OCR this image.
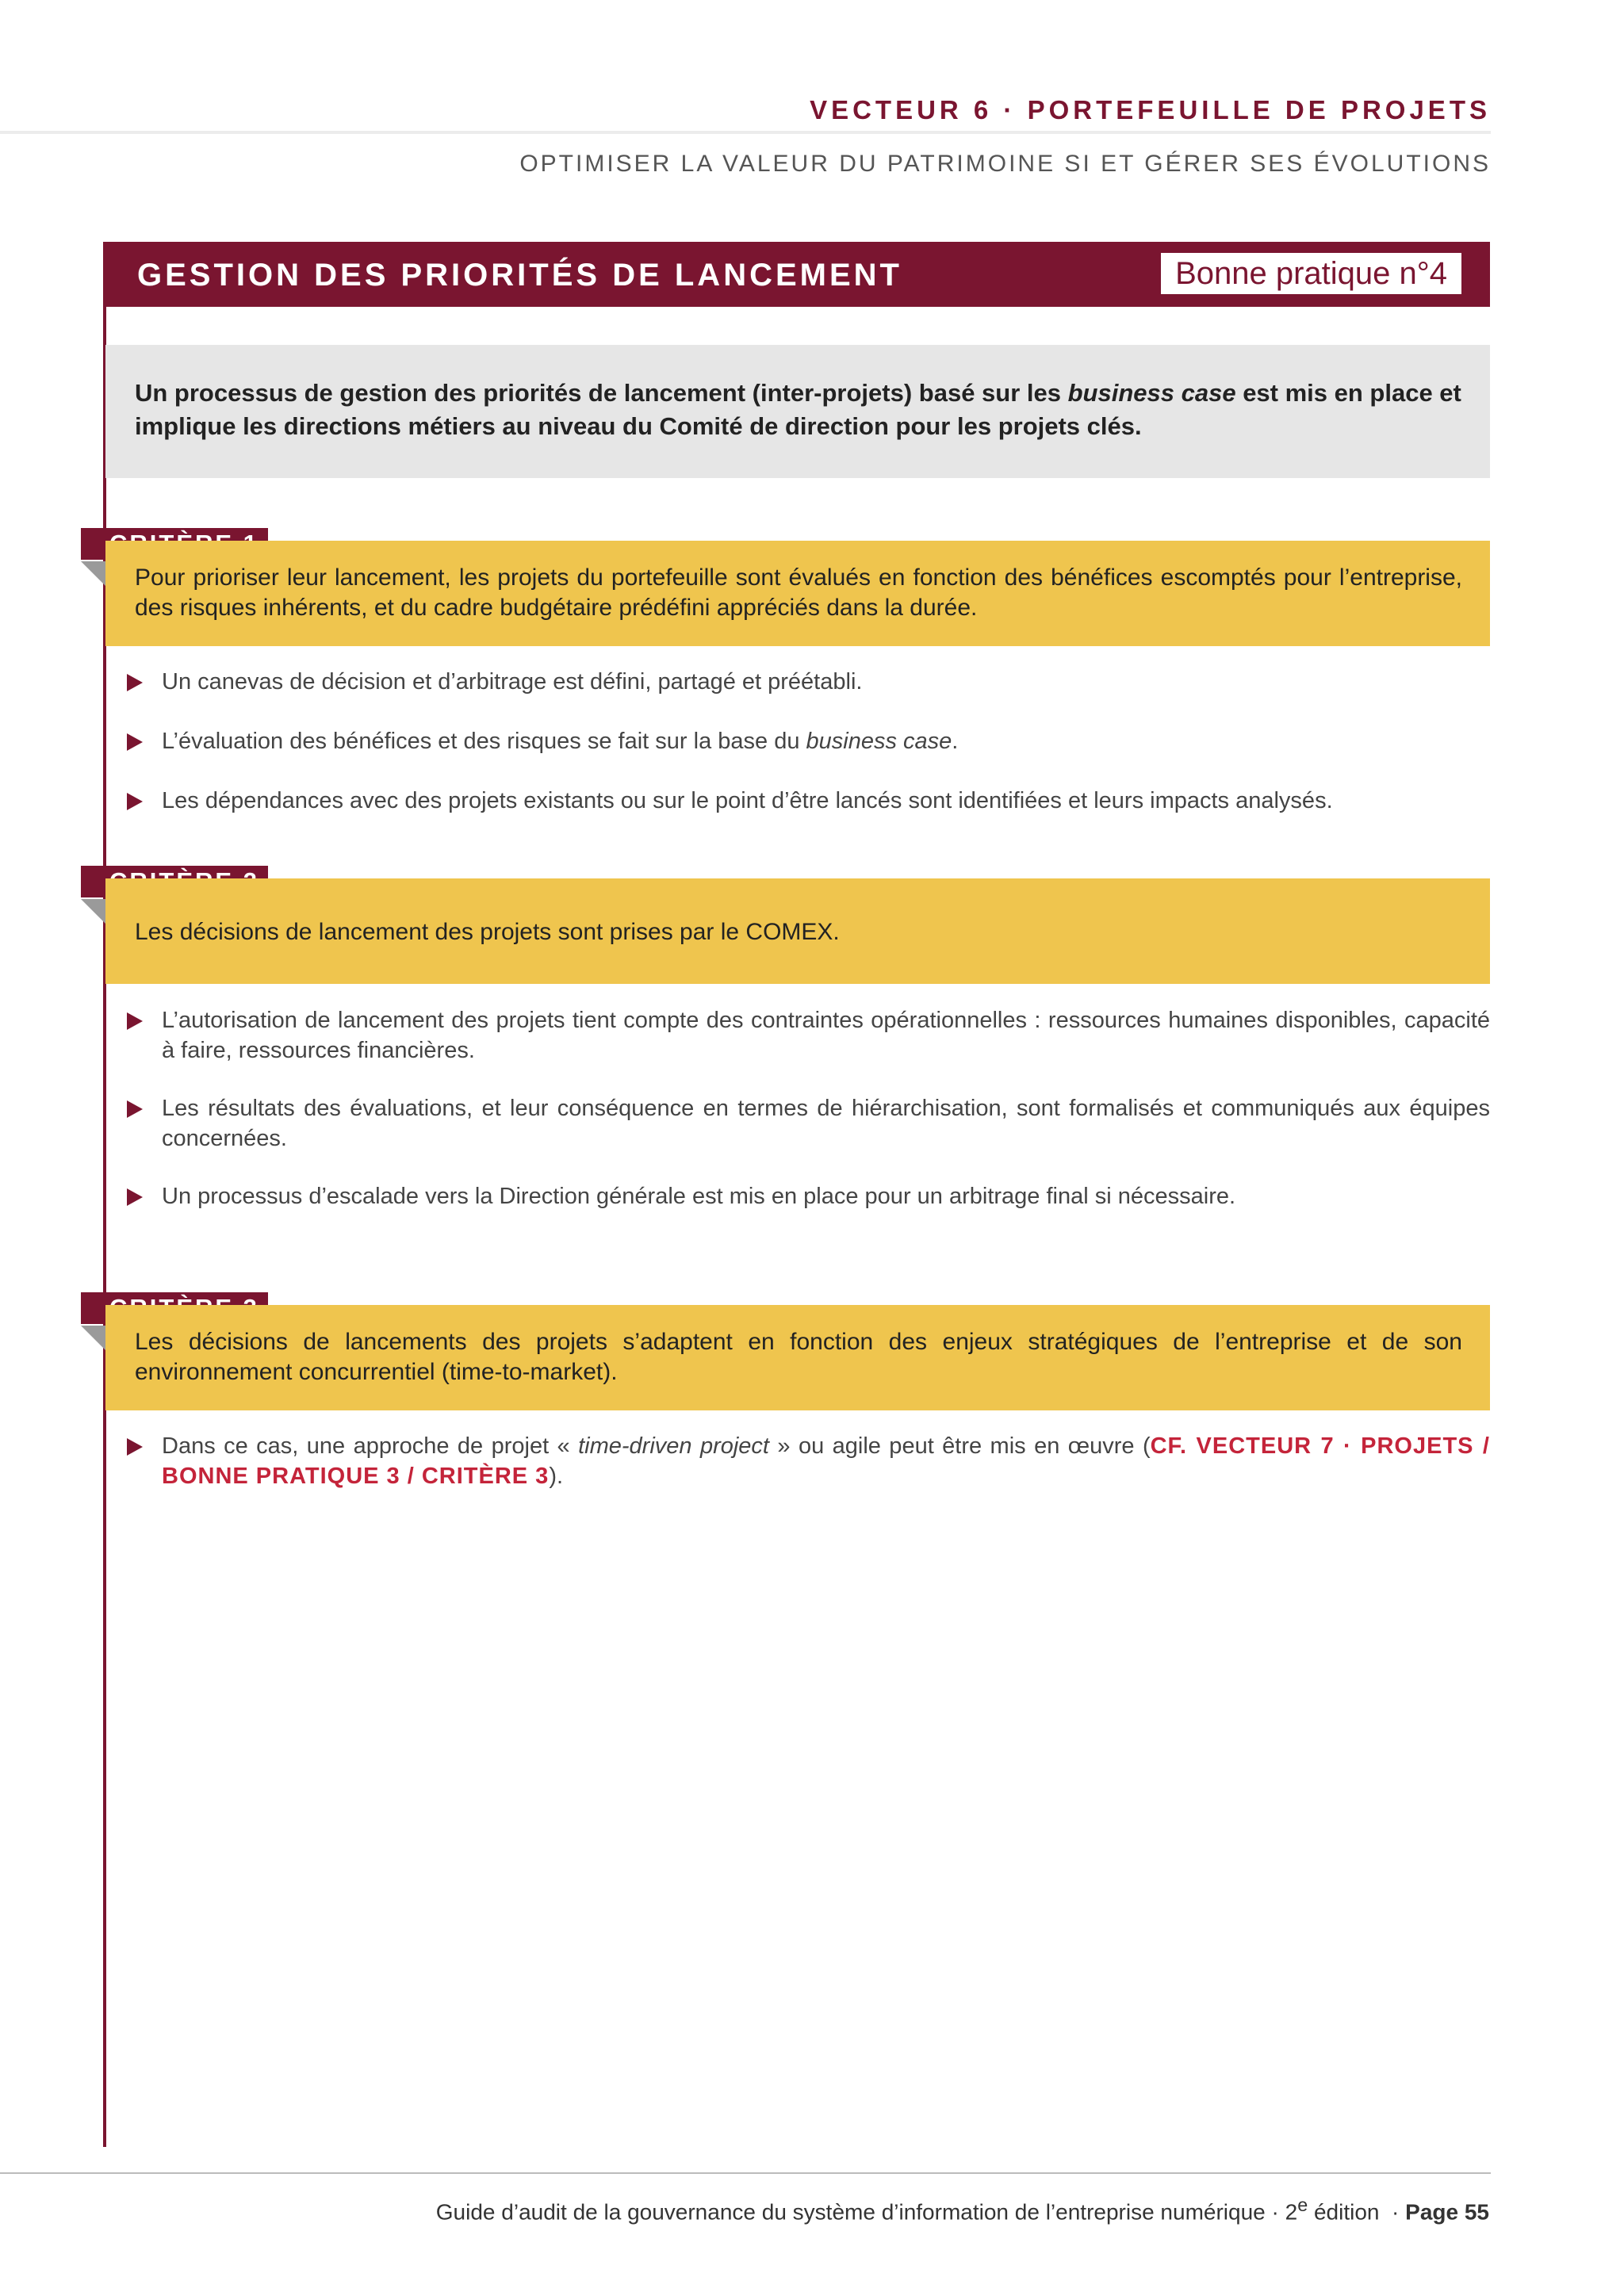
VECTEUR 6 · PORTEFEUILLE DE PROJETS
OPTIMISER LA VALEUR DU PATRIMOINE SI ET GÉRER SES ÉVOLUTIONS
GESTION DES PRIORITÉS DE LANCEMENT	Bonne pratique n°4
Un processus de gestion des priorités de lancement (inter-projets) basé sur les business case est mis en place et implique les directions métiers au niveau du Comité de direction pour les projets clés.
Pour prioriser leur lancement, les projets du portefeuille sont évalués en fonction des bénéfices escomptés pour l’entreprise, des risques inhérents, et du cadre budgétaire prédéfini appréciés dans la durée.
Un canevas de décision et d’arbitrage est défini, partagé et préétabli.
L’évaluation des bénéfices et des risques se fait sur la base du business case.
Les dépendances avec des projets existants ou sur le point d’être lancés sont identifiées et leurs impacts analysés.
Les décisions de lancement des projets sont prises par le COMEX.
L’autorisation de lancement des projets tient compte des contraintes opérationnelles : ressources humaines disponibles, capacité à faire, ressources financières.
Les résultats des évaluations, et leur conséquence en termes de hiérarchisation, sont formalisés et communiqués aux équipes concernées.
Un processus d’escalade vers la Direction générale est mis en place pour un arbitrage final si nécessaire.
Les décisions de lancements des projets s’adaptent en fonction des enjeux stratégiques de l’entreprise et de son environnement concurrentiel (time-to-market).
Dans ce cas, une approche de projet « time-driven project » ou agile peut être mis en œuvre (CF. VECTEUR 7 · PROJETS / BONNE PRATIQUE 3 / CRITÈRE 3).
Guide d’audit de la gouvernance du système d’information de l’entreprise numérique · $2^e$ édition  · Page 55
